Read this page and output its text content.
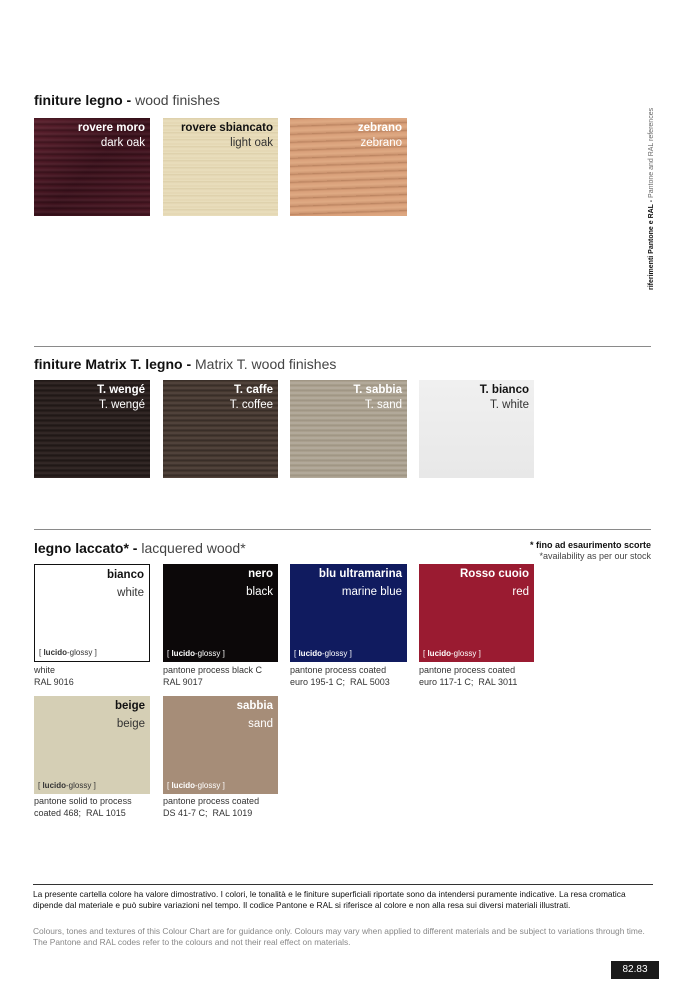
riferimenti Pantone e RAL - Pantone and RAL references
finiture legno - wood finishes
rovere moro
dark oak
rovere sbiancato
light oak
zebrano
zebrano
finiture Matrix T. legno - Matrix T. wood finishes
T. wengé
T. wengé
T. caffe
T. coffee
T. sabbia
T. sand
T. bianco
T. white
legno laccato* - lacquered wood*	* fino ad esaurimento scorte
*availability as per our stock
bianco
white
[ lucido-glossy ]
white
RAL 9016
nero
black
[ lucido-glossy ]
pantone process black C
RAL 9017
blu ultramarina
marine blue
[ lucido-glossy ]
pantone process coated
euro 195-1 C;  RAL 5003
Rosso cuoio
red
[ lucido-glossy ]
pantone process coated
euro 117-1 C;  RAL 3011
beige
beige
[ lucido-glossy ]
pantone solid to process
coated 468;  RAL 1015
sabbia
sand
[ lucido-glossy ]
pantone process coated
DS 41-7 C;  RAL 1019
La presente cartella colore ha valore dimostrativo. I colori, le tonalità e le finiture superficiali riportate sono da intendersi puramente indicative. La resa cromatica dipende dal materiale e può subire variazioni nel tempo. Il codice Pantone e RAL si riferisce al colore e non alla resa sui diversi materiali illustrati.
Colours, tones and textures of this Colour Chart are for guidance only. Colours may vary when applied to different materials and be subject to variations through time. The Pantone and RAL codes refer to the colours and not their real effect on materials.
82.83
